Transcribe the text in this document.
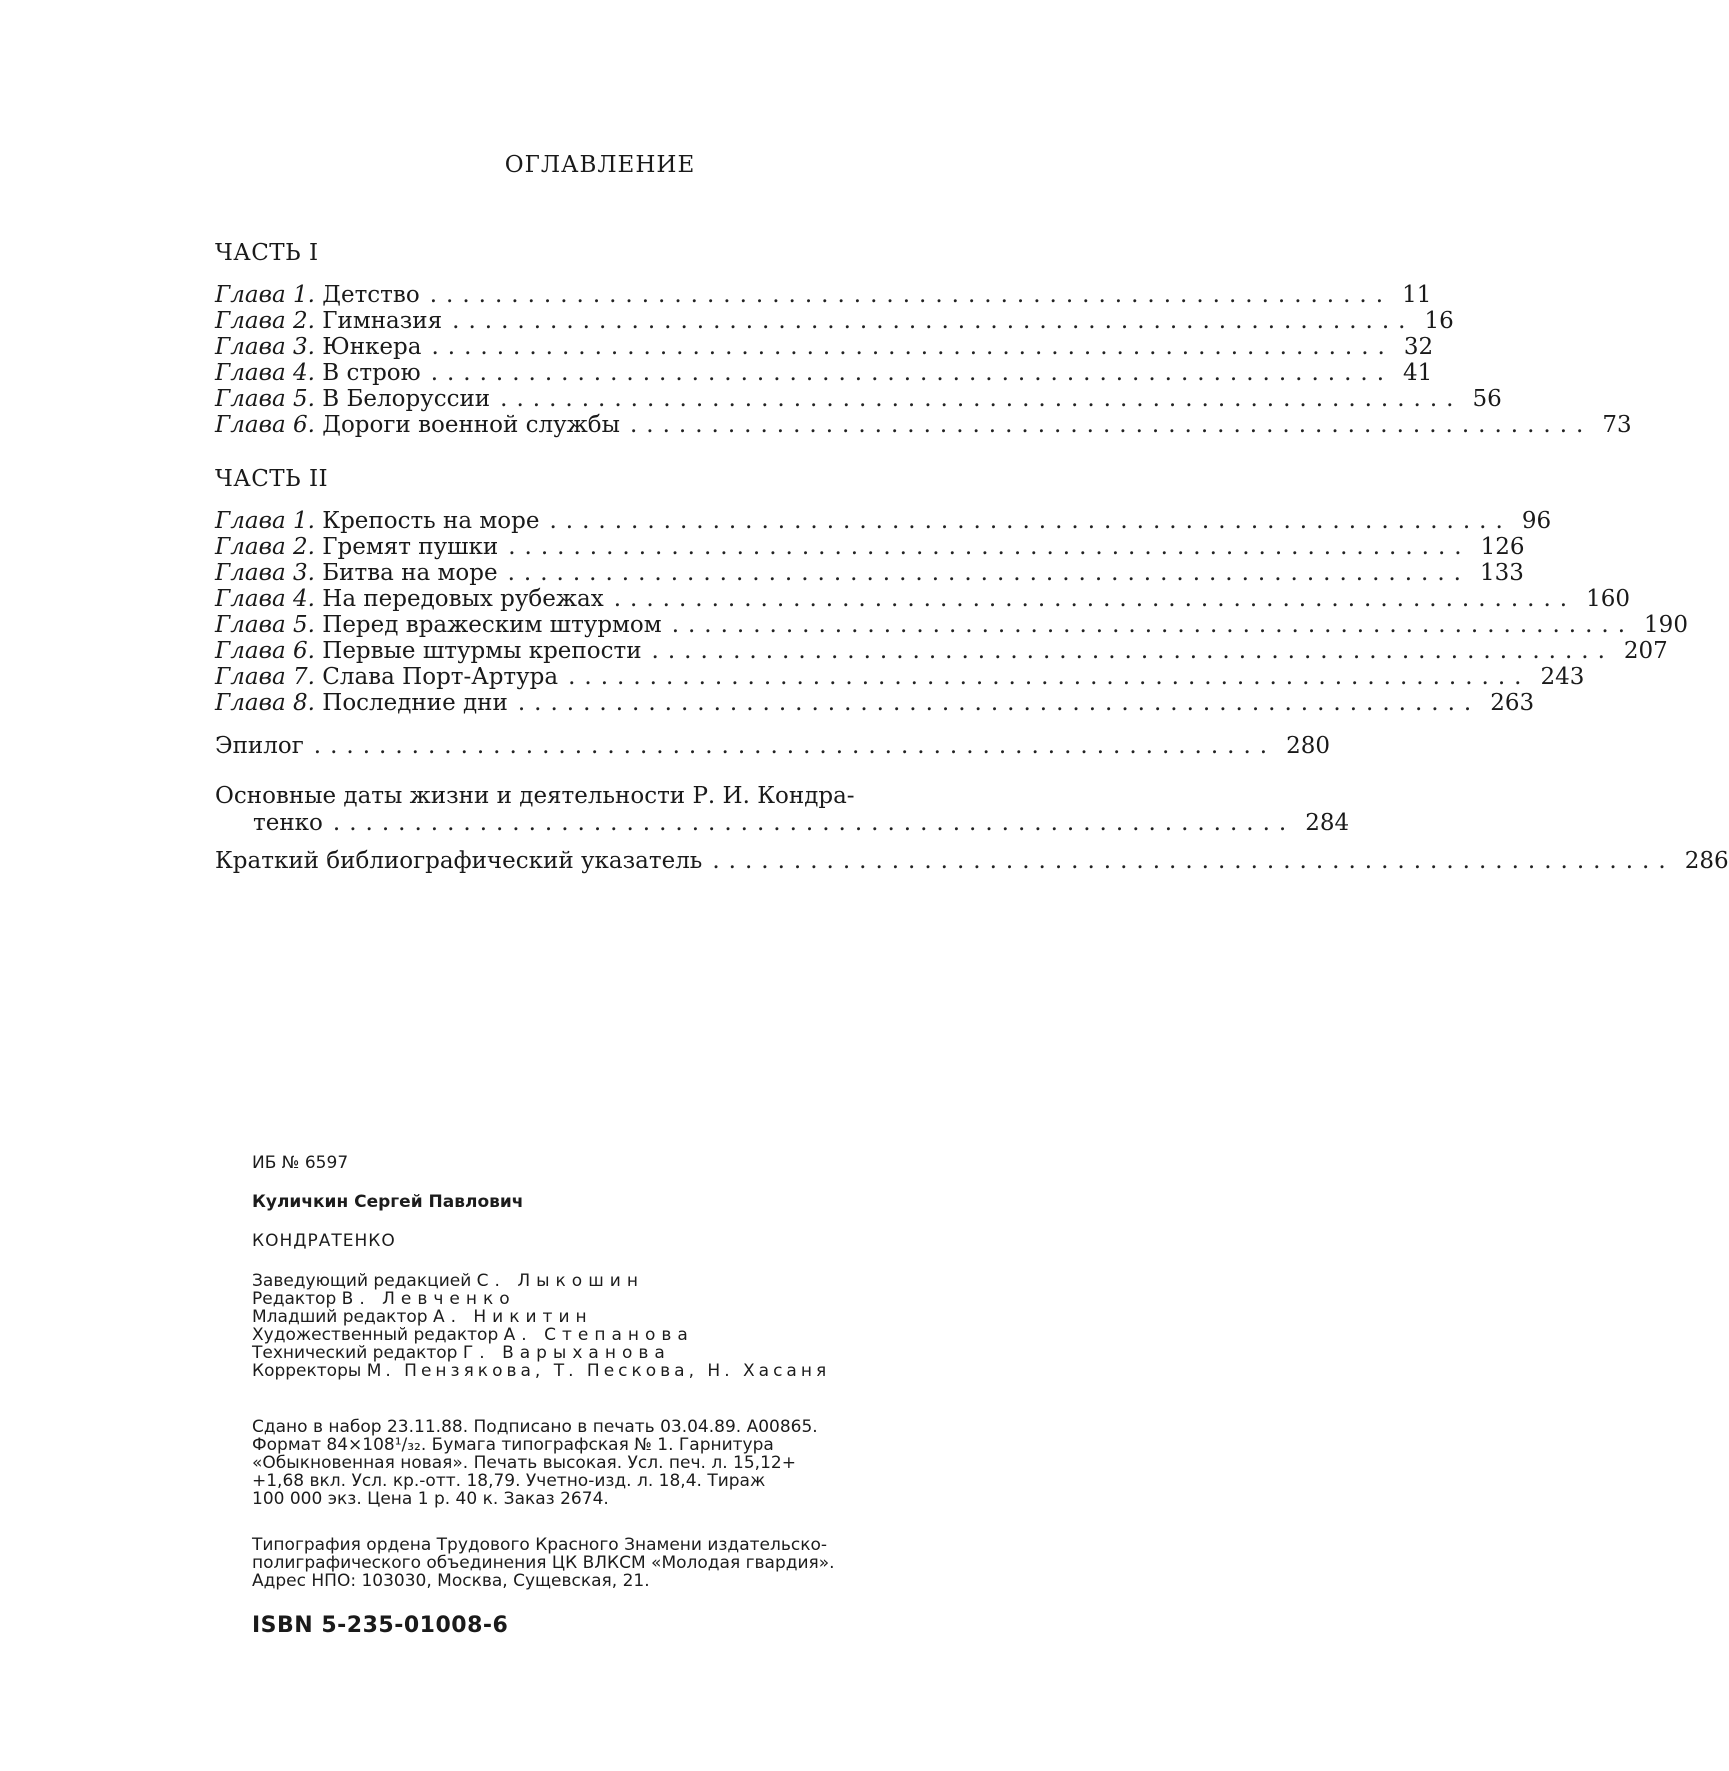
ОГЛАВЛЕНИЕ
ЧАСТЬ I
Глава 1.
Детство ........................................................... 11
Глава 2.
Гимназия ........................................................... 16
Глава 3.
Юнкера ........................................................... 32
Глава 4.
В строю ........................................................... 41
Глава 5.
В Белоруссии ........................................................... 56
Глава 6.
Дороги военной службы ........................................................... 73
ЧАСТЬ II
Глава 1.
Крепость на море ........................................................... 96
Глава 2.
Гремят пушки ........................................................... 126
Глава 3.
Битва на море ........................................................... 133
Глава 4.
На передовых рубежах ........................................................... 160
Глава 5.
Перед вражеским штурмом ........................................................... 190
Глава 6.
Первые штурмы крепости ........................................................... 207
Глава 7.
Слава Порт-Артура ........................................................... 243
Глава 8.
Последние дни ........................................................... 263
Эпилог ........................................................... 280
Основные даты жизни и деятельности Р. И. Кондра-
тенко ........................................................... 284
Краткий библиографический указатель ........................................................... 286
ИБ № 6597
Куличкин Сергей Павлович
КОНДРАТЕНКО
Заведующий редакцией С. Лыкошин
Редактор В. Левченко
Младший редактор А. Никитин
Художественный редактор А. Степанова
Технический редактор Г. Варыханова
Корректоры М. Пензякова, Т. Пескова, Н. Хасаня
Сдано в набор 23.11.88. Подписано в печать 03.04.89. А00865.
Формат 84×108¹/₃₂. Бумага типографская № 1. Гарнитура
«Обыкновенная новая». Печать высокая. Усл. печ. л. 15,12+
+1,68 вкл. Усл. кр.-отт. 18,79. Учетно-изд. л. 18,4. Тираж
100 000 экз. Цена 1 р. 40 к. Заказ 2674.
Типография ордена Трудового Красного Знамени издательско-
полиграфического объединения ЦК ВЛКСМ «Молодая гвардия».
Адрес НПО: 103030, Москва, Сущевская, 21.
ISBN 5-235-01008-6
